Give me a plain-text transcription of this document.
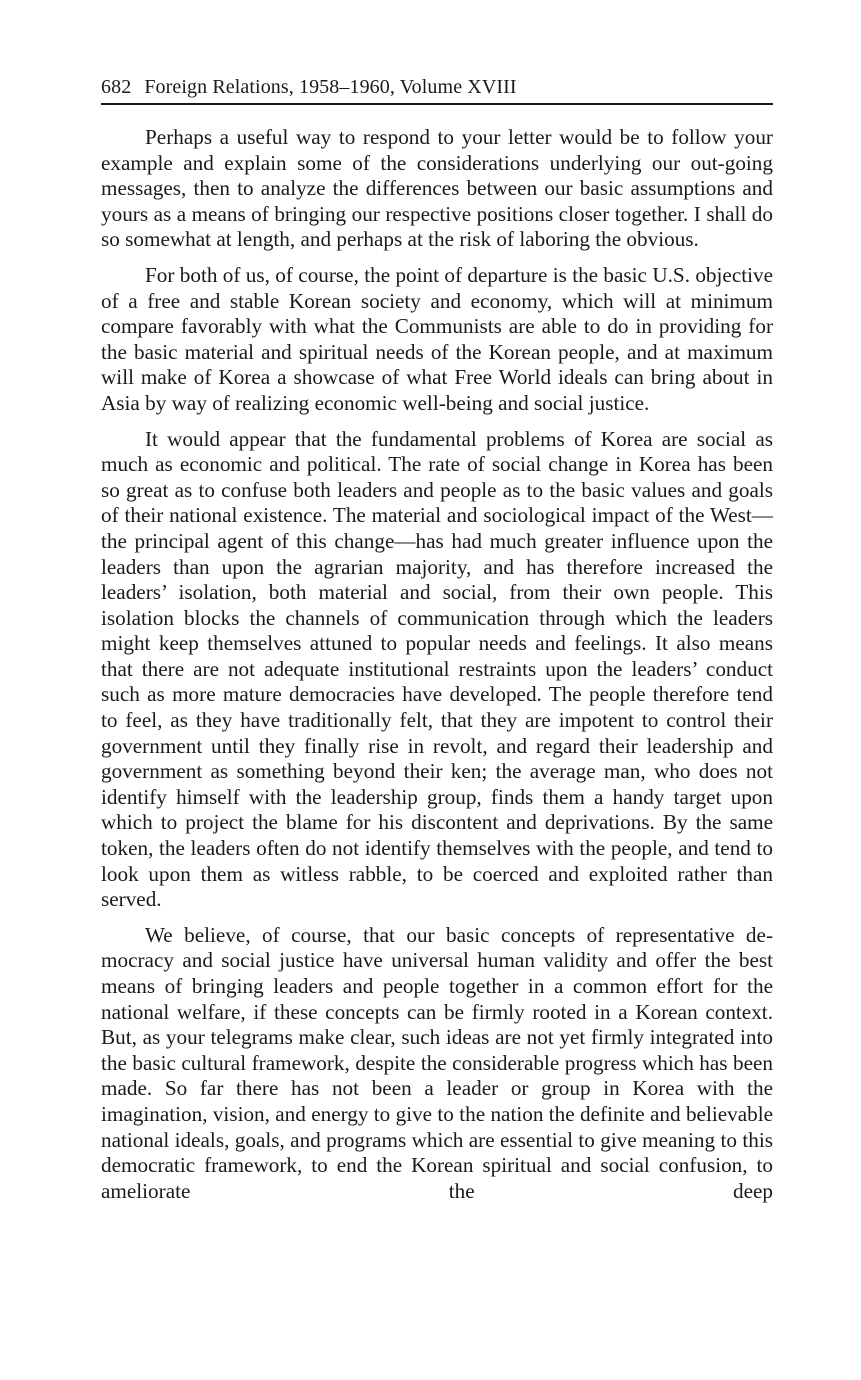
682 Foreign Relations, 1958–1960, Volume XVIII

Perhaps a useful way to respond to your letter would be to follow your example and explain some of the considerations underlying our out-going messages, then to analyze the differences between our basic assumptions and yours as a means of bringing our respective positions closer together. I shall do so somewhat at length, and perhaps at the risk of laboring the obvious.

For both of us, of course, the point of departure is the basic U.S. objective of a free and stable Korean society and economy, which will at minimum compare favorably with what the Communists are able to do in providing for the basic material and spiritual needs of the Korean people, and at maximum will make of Korea a showcase of what Free World ideals can bring about in Asia by way of realizing economic well-being and social justice.

It would appear that the fundamental problems of Korea are social as much as economic and political. The rate of social change in Korea has been so great as to confuse both leaders and people as to the basic values and goals of their national existence. The material and sociological impact of the West—the principal agent of this change—has had much greater influence upon the leaders than upon the agrarian majority, and has therefore increased the leaders’ isolation, both material and social, from their own people. This isolation blocks the channels of communication through which the leaders might keep themselves attuned to popular needs and feelings. It also means that there are not adequate institutional restraints upon the leaders’ conduct such as more mature democracies have developed. The people therefore tend to feel, as they have traditionally felt, that they are impotent to control their government until they finally rise in revolt, and regard their leadership and government as something beyond their ken; the average man, who does not identify himself with the leadership group, finds them a handy target upon which to project the blame for his discontent and deprivations. By the same token, the leaders often do not identify themselves with the people, and tend to look upon them as witless rabble, to be coerced and exploited rather than served.

We believe, of course, that our basic concepts of representative democracy and social justice have universal human validity and offer the best means of bringing leaders and people together in a common effort for the national welfare, if these concepts can be firmly rooted in a Korean context. But, as your telegrams make clear, such ideas are not yet firmly integrated into the basic cultural framework, despite the considerable progress which has been made. So far there has not been a leader or group in Korea with the imagination, vision, and energy to give to the nation the definite and believable national ideals, goals, and programs which are essential to give meaning to this democratic framework, to end the Korean spiritual and social confusion, to ameliorate the deep
